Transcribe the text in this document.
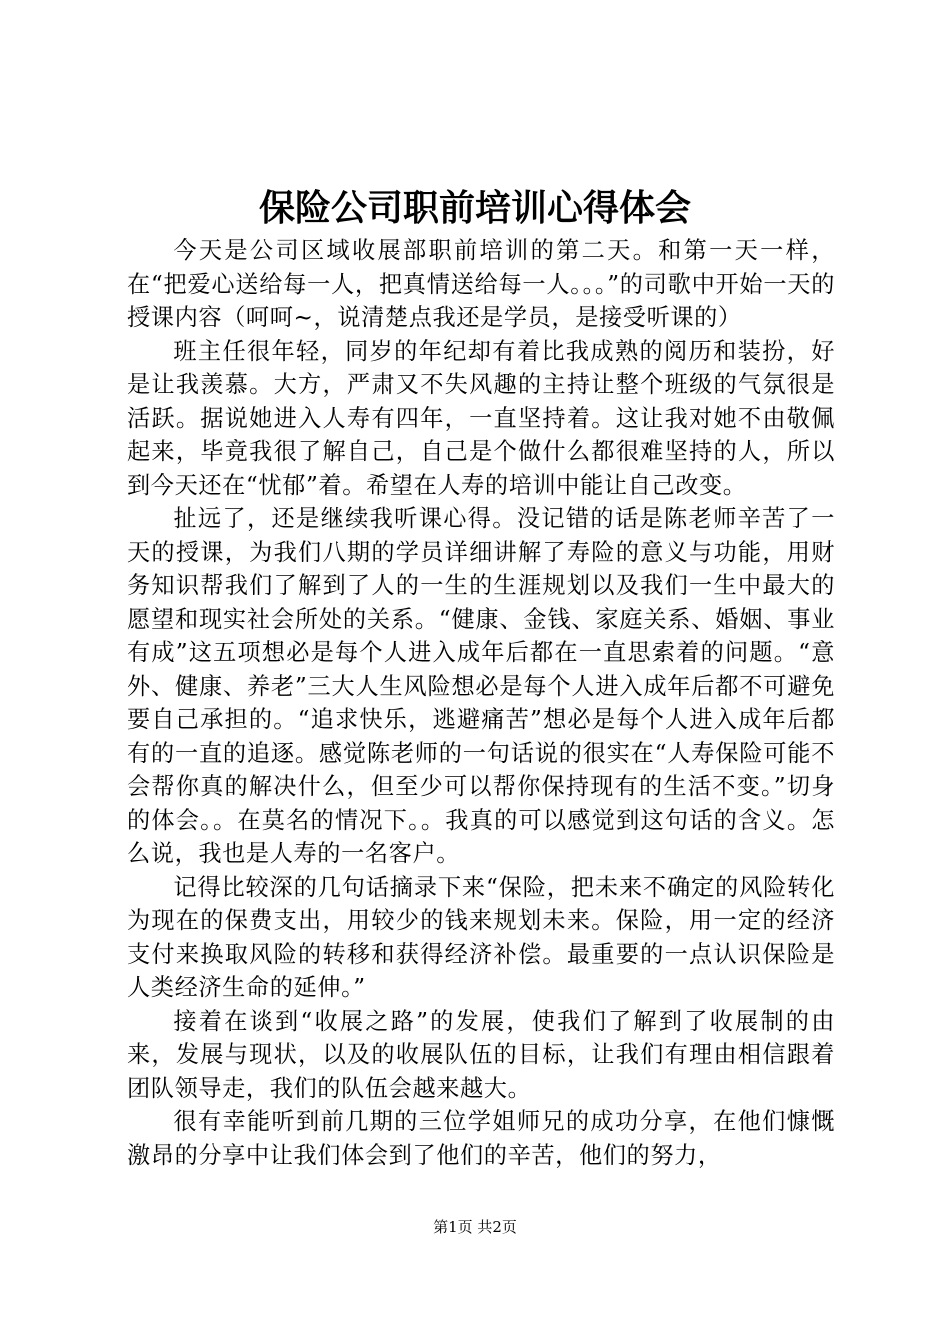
保险公司职前培训心得体会

今天是公司区域收展部职前培训的第二天。和第一天一样，在“把爱心送给每一人，把真情送给每一人。。。”的司歌中开始一天的授课内容（呵呵~，说清楚点我还是学员，是接受听课的）

班主任很年轻，同岁的年纪却有着比我成熟的阅历和装扮，好是让我羡慕。大方，严肃又不失风趣的主持让整个班级的气氛很是活跃。据说她进入人寿有四年，一直坚持着。这让我对她不由敬佩起来，毕竟我很了解自己，自己是个做什么都很难坚持的人，所以到今天还在“忧郁”着。希望在人寿的培训中能让自己改变。

扯远了，还是继续我听课心得。没记错的话是陈老师辛苦了一天的授课，为我们八期的学员详细讲解了寿险的意义与功能，用财务知识帮我们了解到了人的一生的生涯规划以及我们一生中最大的愿望和现实社会所处的关系。“健康、金钱、家庭关系、婚姻、事业有成”这五项想必是每个人进入成年后都在一直思索着的问题。“意外、健康、养老”三大人生风险想必是每个人进入成年后都不可避免要自己承担的。“追求快乐，逃避痛苦”想必是每个人进入成年后都有的一直的追逐。感觉陈老师的一句话说的很实在“人寿保险可能不会帮你真的解决什么，但至少可以帮你保持现有的生活不变。”切身的体会。。在莫名的情况下。。我真的可以感觉到这句话的含义。怎么说，我也是人寿的一名客户。

记得比较深的几句话摘录下来“保险，把未来不确定的风险转化为现在的保费支出，用较少的钱来规划未来。保险，用一定的经济支付来换取风险的转移和获得经济补偿。最重要的一点认识保险是人类经济生命的延伸。”

接着在谈到“收展之路”的发展，使我们了解到了收展制的由来，发展与现状，以及的收展队伍的目标，让我们有理由相信跟着团队领导走，我们的队伍会越来越大。

很有幸能听到前几期的三位学姐师兄的成功分享，在他们慷慨激昂的分享中让我们体会到了他们的辛苦，他们的努力，

第1页 共2页
